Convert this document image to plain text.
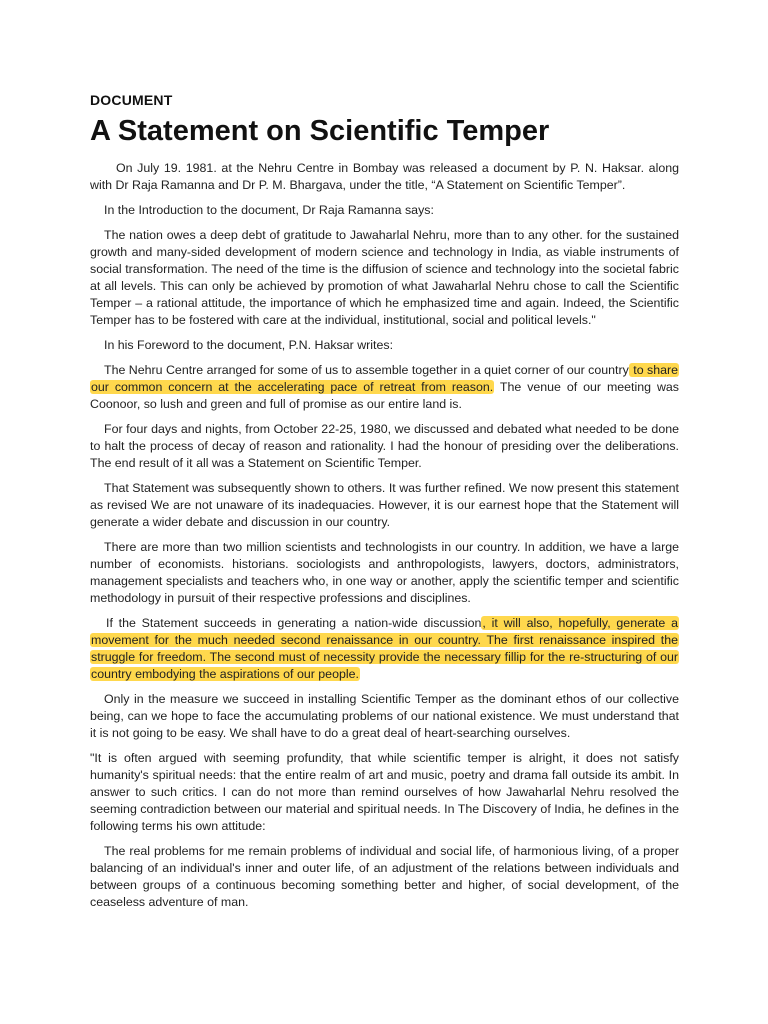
DOCUMENT
A Statement on Scientific Temper

On July 19. 1981. at the Nehru Centre in Bombay was released a document by P. N. Haksar. along with Dr Raja Ramanna and Dr P. M. Bhargava, under the title, “A Statement on Scientific Temper”.

In the Introduction to the document, Dr Raja Ramanna says:

The nation owes a deep debt of gratitude to Jawaharlal Nehru, more than to any other. for the sustained growth and many-sided development of modern science and technology in India, as viable instruments of social transformation. The need of the time is the diffusion of science and technology into the societal fabric at all levels. This can only be achieved by promotion of what Jawaharlal Nehru chose to call the Scientific Temper – a rational attitude, the importance of which he emphasized time and again. Indeed, the Scientific Temper has to be fostered with care at the individual, institutional, social and political levels."

In his Foreword to the document, P.N. Haksar writes:

The Nehru Centre arranged for some of us to assemble together in a quiet corner of our country to share our common concern at the accelerating pace of retreat from reason. The venue of our meeting was Coonoor, so lush and green and full of promise as our entire land is.

For four days and nights, from October 22-25, 1980, we discussed and debated what needed to be done to halt the process of decay of reason and rationality. I had the honour of presiding over the deliberations. The end result of it all was a Statement on Scientific Temper.

That Statement was subsequently shown to others. It was further refined. We now present this statement as revised We are not unaware of its inadequacies. However, it is our earnest hope that the Statement will generate a wider debate and discussion in our country.

There are more than two million scientists and technologists in our country. In addition, we have a large number of economists. historians. sociologists and anthropologists, lawyers, doctors, administrators, management specialists and teachers who, in one way or another, apply the scientific temper and scientific methodology in pursuit of their respective professions and disciplines.

If the Statement succeeds in generating a nation-wide discussion, it will also, hopefully, generate a movement for the much needed second renaissance in our country. The first renaissance inspired the struggle for freedom. The second must of necessity provide the necessary fillip for the re-structuring of our country embodying the aspirations of our people.

Only in the measure we succeed in installing Scientific Temper as the dominant ethos of our collective being, can we hope to face the accumulating problems of our national existence. We must understand that it is not going to be easy. We shall have to do a great deal of heart-searching ourselves.

"It is often argued with seeming profundity, that while scientific temper is alright, it does not satisfy humanity's spiritual needs: that the entire realm of art and music, poetry and drama fall outside its ambit. In answer to such critics. I can do not more than remind ourselves of how Jawaharlal Nehru resolved the seeming contradiction between our material and spiritual needs. In The Discovery of India, he defines in the following terms his own attitude:

The real problems for me remain problems of individual and social life, of harmonious living, of a proper balancing of an individual's inner and outer life, of an adjustment of the relations between individuals and between groups of a continuous becoming something better and higher, of social development, of the ceaseless adventure of man.
